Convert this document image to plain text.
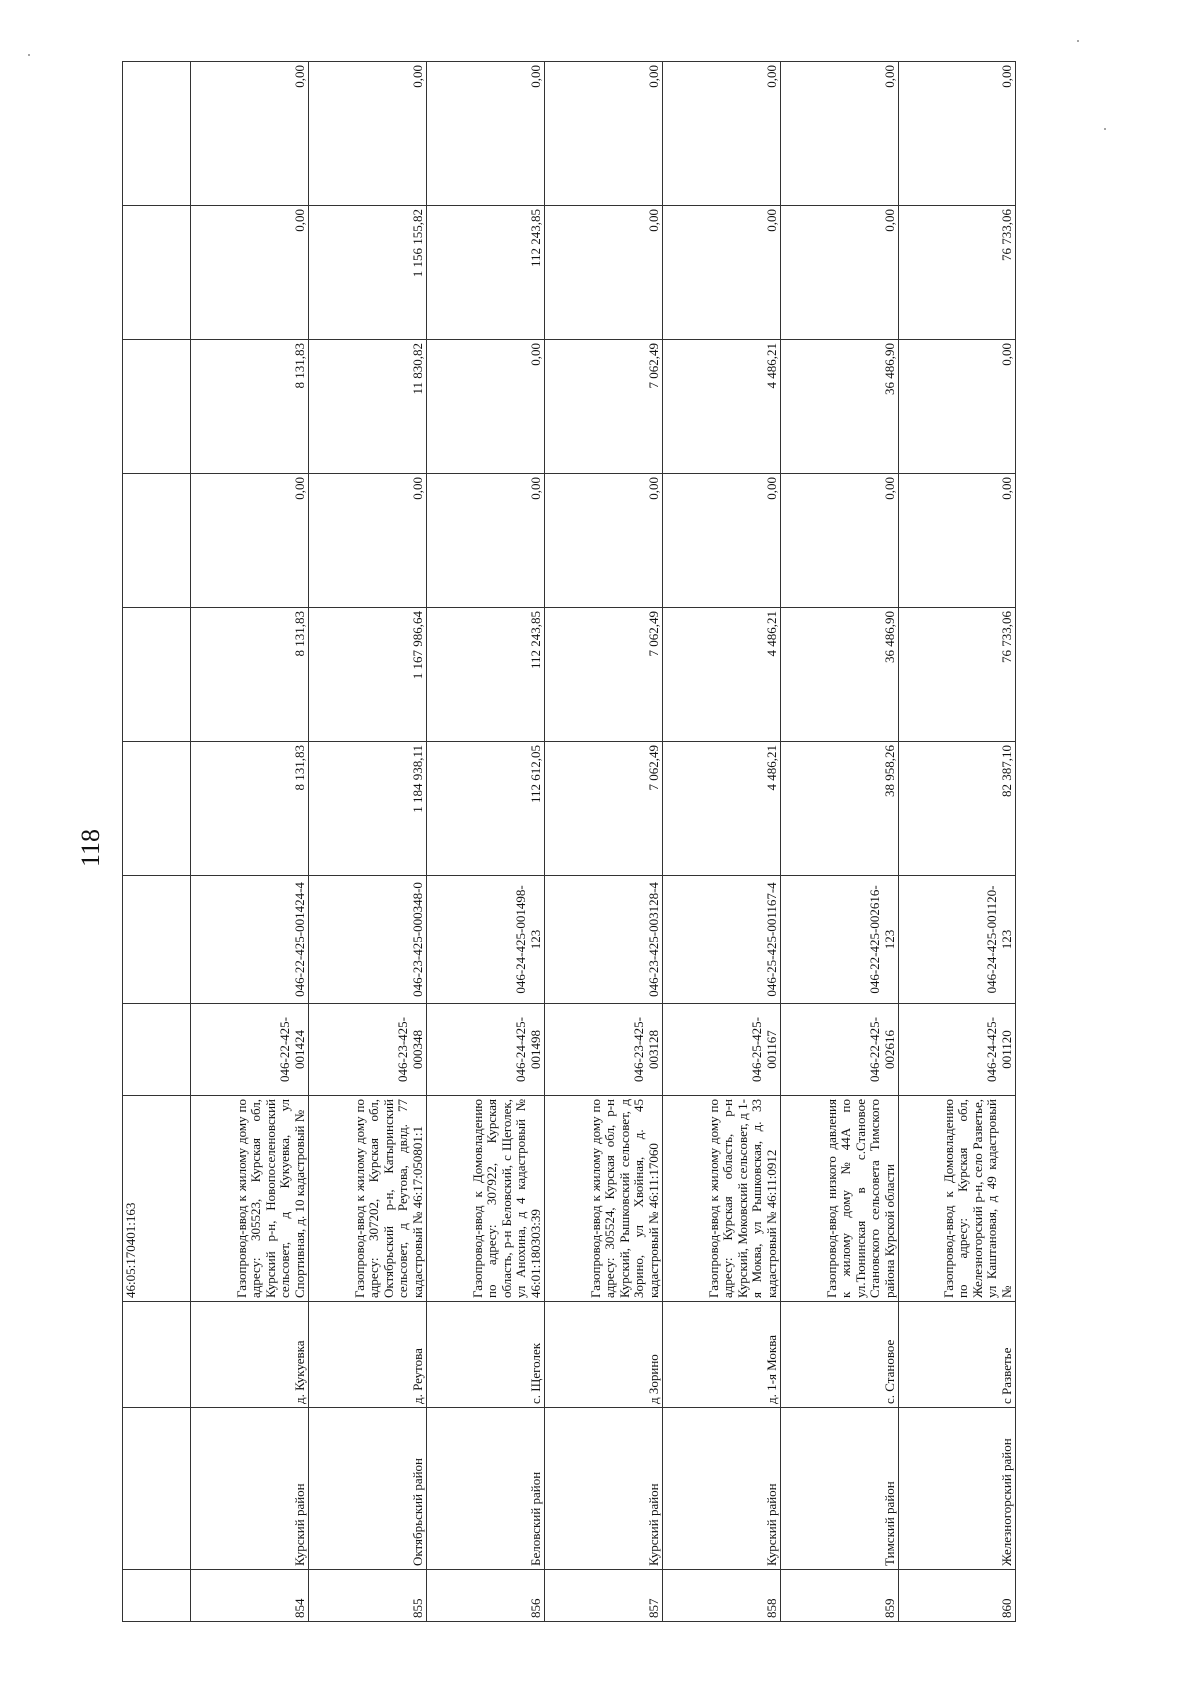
118
			46:05:170401:163								
854	Курский район	д. Кукуевка	Газопровод-ввод к жилому дому по адресу: 305523, Курская обл, Курский р-н, Новопоселеновский сельсовет, д Кукуевка, ул Спортивная, д. 10 кадастровый №	046-22-425-001424	046-22-425-001424-4	8 131,83	8 131,83	0,00	8 131,83	0,00	0,00
855	Октябрьский район	д. Реутова	Газопровод-ввод к жилому дому по адресу: 307202, Курская обл, Октябрьский р-н, Катыринский сельсовет, д Реутова, двлд. 77 кадастровый № 46:17:050801:1	046-23-425-000348	046-23-425-000348-0	1 184 938,11	1 167 986,64	0,00	11 830,82	1 156 155,82	0,00
856	Беловский район	с. Щеголек	Газопровод-ввод к Домовладению по адресу: 307922, Курская область, р-н Беловский, с Щеголек, ул Анохина, д 4 кадастровый № 46:01:180303:39	046-24-425-001498	046-24-425-001498-123	112 612,05	112 243,85	0,00	0,00	112 243,85	0,00
857	Курский район	д Зорино	Газопровод-ввод к жилому дому по адресу: 305524, Курская обл, р-н Курский, Рышковский сельсовет, д Зорино, ул Хвойная, д. 45 кадастровый № 46:11:17060	046-23-425-003128	046-23-425-003128-4	7 062,49	7 062,49	0,00	7 062,49	0,00	0,00
858	Курский район	д. 1-я Моква	Газопровод-ввод к жилому дому по адресу: Курская область, р-н Курский, Моковский сельсовет, д 1-я Моква, ул Рышковская, д. 33 кадастровый № 46:11:0912	046-25-425-001167	046-25-425-001167-4	4 486,21	4 486,21	0,00	4 486,21	0,00	0,00
859	Тимский район	с. Становое	Газопровод-ввод низкого давления к жилому дому №44А по ул.Тюнинская в с.Становое Становского сельсовета Тимского района Курской области	046-22-425-002616	046-22-425-002616-123	38 958,26	36 486,90	0,00	36 486,90	0,00	0,00
860	Железногорский район	с Разветье	Газопровод-ввод к Домовладению по адресу: Курская обл, Железногорский р-н, село Разветье, ул Каштановая, д 49 кадастровый №	046-24-425-001120	046-24-425-001120-123	82 387,10	76 733,06	0,00	0,00	76 733,06	0,00
